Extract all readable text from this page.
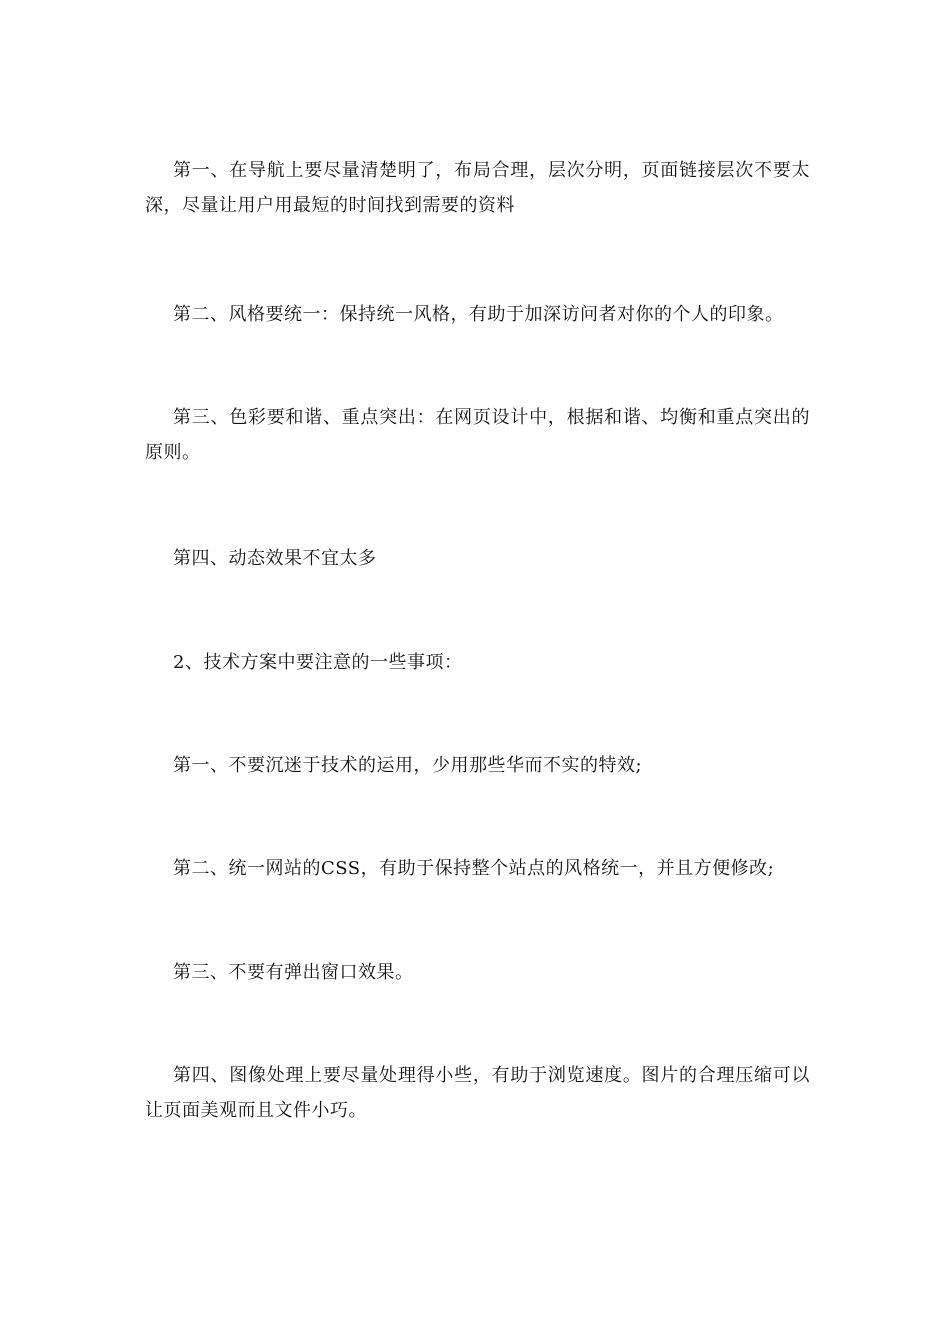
第一、在导航上要尽量清楚明了，布局合理，层次分明，页面链接层次不要太深，尽量让用户用最短的时间找到需要的资料

第二、风格要统一：保持统一风格，有助于加深访问者对你的个人的印象。

第三、色彩要和谐、重点突出：在网页设计中，根据和谐、均衡和重点突出的原则。

第四、动态效果不宜太多

2、技术方案中要注意的一些事项：

第一、不要沉迷于技术的运用，少用那些华而不实的特效;

第二、统一网站的CSS，有助于保持整个站点的风格统一，并且方便修改;

第三、不要有弹出窗口效果。

第四、图像处理上要尽量处理得小些，有助于浏览速度。图片的合理压缩可以让页面美观而且文件小巧。
